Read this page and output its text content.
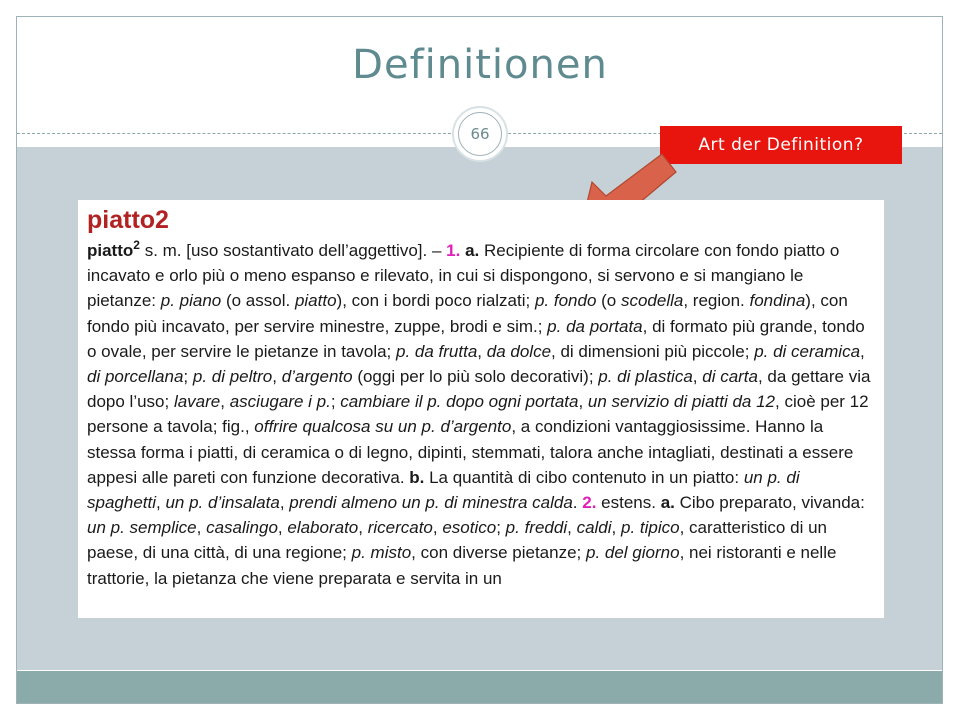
Definitionen
66
Art der Definition?
piatto2

piatto$^2$ s. m. [uso sostantivato dell’aggettivo]. – 1. a. Recipiente di forma circolare con fondo piatto o incavato e orlo più o meno espanso e rilevato, in cui si dispongono, si servono e si mangiano le pietanze: p. piano (o assol. piatto), con i bordi poco rialzati; p. fondo (o scodella, region. fondina), con fondo più incavato, per servire minestre, zuppe, brodi e sim.; p. da portata, di formato più grande, tondo o ovale, per servire le pietanze in tavola; p. da frutta, da dolce, di dimensioni più piccole; p. di ceramica, di porcellana; p. di peltro, d’argento (oggi per lo più solo decorativi); p. di plastica, di carta, da gettare via dopo l’uso; lavare, asciugare i p.; cambiare il p. dopo ogni portata, un servizio di piatti da 12, cioè per 12 persone a tavola; fig., offrire qualcosa su un p. d’argento, a condizioni vantaggiosissime. Hanno la stessa forma i piatti, di ceramica o di legno, dipinti, stemmati, talora anche intagliati, destinati a essere appesi alle pareti con funzione decorativa. b. La quantità di cibo contenuto in un piatto: un p. di spaghetti, un p. d’insalata, prendi almeno un p. di minestra calda. 2. estens. a. Cibo preparato, vivanda: un p. semplice, casalingo, elaborato, ricercato, esotico; p. freddi, caldi, p. tipico, caratteristico di un paese, di una città, di una regione; p. misto, con diverse pietanze; p. del giorno, nei ristoranti e nelle trattorie, la pietanza che viene preparata e servita in un
